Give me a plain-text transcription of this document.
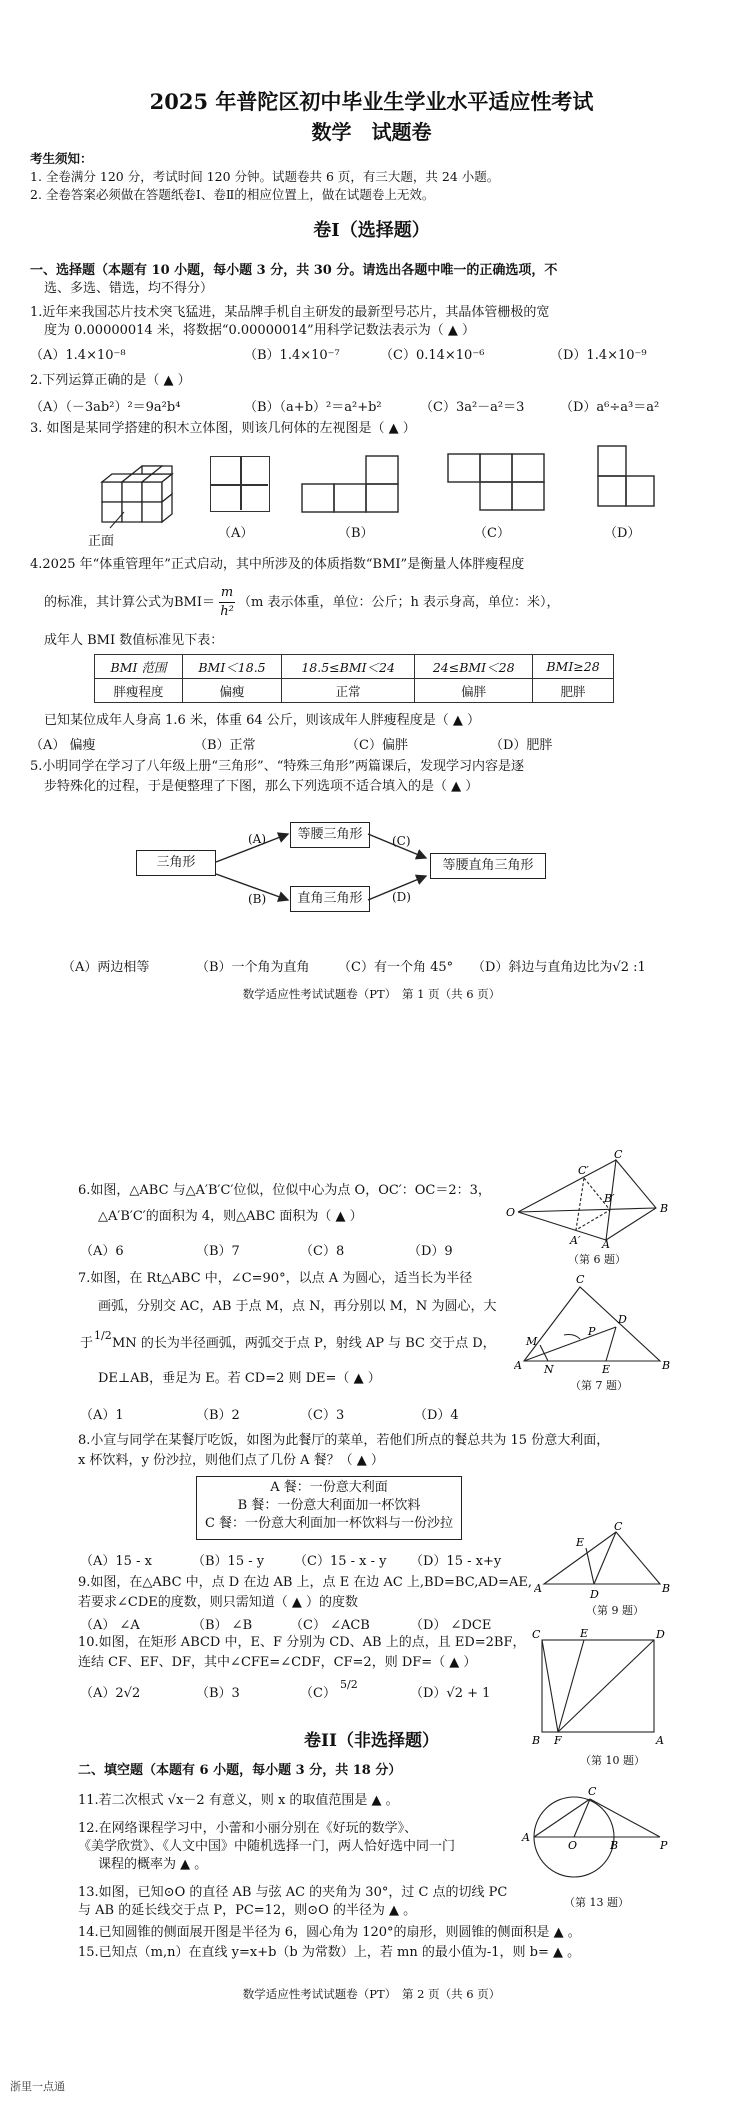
2025 年普陀区初中毕业生学业水平适应性考试
数学　试题卷
考生须知：
1. 全卷满分 120 分，考试时间 120 分钟。试题卷共 6 页，有三大题，共 24 小题。
2. 全卷答案必须做在答题纸卷Ⅰ、卷Ⅱ的相应位置上，做在试题卷上无效。
卷Ⅰ（选择题）
一、选择题（本题有 10 小题，每小题 3 分，共 30 分。请选出各题中唯一的正确选项，不
选、多选、错选，均不得分）
1.近年来我国芯片技术突飞猛进，某品牌手机自主研发的最新型号芯片，其晶体管栅极的宽
度为 0.00000014 米，将数据“0.00000014”用科学记数法表示为（ ▲ ）
（A）1.4×10⁻⁸	（B）1.4×10⁻⁷	（C）0.14×10⁻⁶	（D）1.4×10⁻⁹
2.下列运算正确的是（ ▲ ）
（A）（－3ab²）²＝9a²b⁴	（B）（a+b）²＝a²+b²	（C）3a²－a²＝3	（D）a⁶÷a³＝a²
3. 如图是某同学搭建的积木立体图，则该几何体的左视图是（ ▲ ）
正面
（A）	（B）	（C）	（D）
4.2025 年“体重管理年”正式启动，其中所涉及的体质指数“BMI”是衡量人体胖瘦程度
的标准，其计算公式为BMI＝
m
h²
（m 表示体重，单位：公斤；h 表示身高，单位：米），
成年人 BMI 数值标准见下表：
BMI 范围	BMI＜18.5	18.5≤BMI＜24	24≤BMI＜28	BMI≥28
胖瘦程度	偏瘦	正常	偏胖	肥胖
已知某位成年人身高 1.6 米，体重 64 公斤，则该成年人胖瘦程度是（ ▲ ）
（A） 偏瘦	（B）正常	（C）偏胖	（D）肥胖
5.小明同学在学习了八年级上册“三角形”、“特殊三角形”两篇课后，发现学习内容是逐
步特殊化的过程，于是便整理了下图，那么下列选项不适合填入的是（ ▲ ）
三角形
等腰三角形
直角三角形
等腰直角三角形
(A)
(B)
(C)
(D)
（A）两边相等	（B）一个角为直角 （C）有一个角 45° （D）斜边与直角边比为√2 :1
数学适应性考试试题卷（PT）　第 1 页（共 6 页）
6.如图，△ABC 与△A′B′C′位似，位似中心为点 O，OC′：OC＝2：3，
△A′B′C′的面积为 4，则△ABC 面积为（ ▲ ）
（A）6	（B）7	（C）8	（D）9
O
C
B
A
C′
B′
A′
（第 6 题）
7.如图，在 Rt△ABC 中，∠C=90°，以点 A 为圆心，适当长为半径
画弧，分别交 AC，AB 于点 M，点 N，再分别以 M，N 为圆心，大
于
1/2
MN 的长为半径画弧，两弧交于点 P，射线 AP 与 BC 交于点 D，
DE⊥AB，垂足为 E。若 CD=2 则 DE=（ ▲ ）
（A）1	（B）2	（C）3	（D）4
A	B
C
D
E
M
N
P
（第 7 题）
8.小宣与同学在某餐厅吃饭，如图为此餐厅的菜单，若他们所点的餐总共为 15 份意大利面，
x 杯饮料，y 份沙拉，则他们点了几份 A 餐？（ ▲ ）
A 餐：一份意大利面
B 餐：一份意大利面加一杯饮料
C 餐：一份意大利面加一杯饮料与一份沙拉
（A）15 - x	（B）15 - y （C）15 - x - y （D）15 - x+y
A	B
C
E
D
（第 9 题）
9.如图，在△ABC 中，点 D 在边 AB 上，点 E 在边 AC 上,BD=BC,AD=AE,
若要求∠CDE的度数，则只需知道（ ▲ ）的度数
（A） ∠A	（B） ∠B	（C） ∠ACB	（D） ∠DCE
10.如图，在矩形 ABCD 中，E、F 分别为 CD、AB 上的点，且 ED=2BF，
连结 CF、EF、DF，其中∠CFE=∠CDF，CF=2，则 DF=（ ▲ ）
（A）2√2	（B）3	（C）
5/2
（D）√2 + 1
C	E	D
B F	A
（第 10 题）
卷II（非选择题）
二、填空题（本题有 6 小题，每小题 3 分，共 18 分）
11.若二次根式 √x－2 有意义，则 x 的取值范围是 ▲ 。
12.在网络课程学习中，小蕾和小丽分别在《好玩的数学》、
《美学欣赏》、《人文中国》中随机选择一门，两人恰好选中同一门
课程的概率为 ▲ 。
A
O	B
C
P
（第 13 题）
13.如图，已知⊙O 的直径 AB 与弦 AC 的夹角为 30°，过 C 点的切线 PC
与 AB 的延长线交于点 P，PC=12，则⊙O 的半径为 ▲ 。
14.已知圆锥的侧面展开图是半径为 6，圆心角为 120°的扇形，则圆锥的侧面积是 ▲ 。
15.已知点（m,n）在直线 y=x+b（b 为常数）上，若 mn 的最小值为-1，则 b= ▲ 。
数学适应性考试试题卷（PT）　第 2 页（共 6 页）
浙里一点通
